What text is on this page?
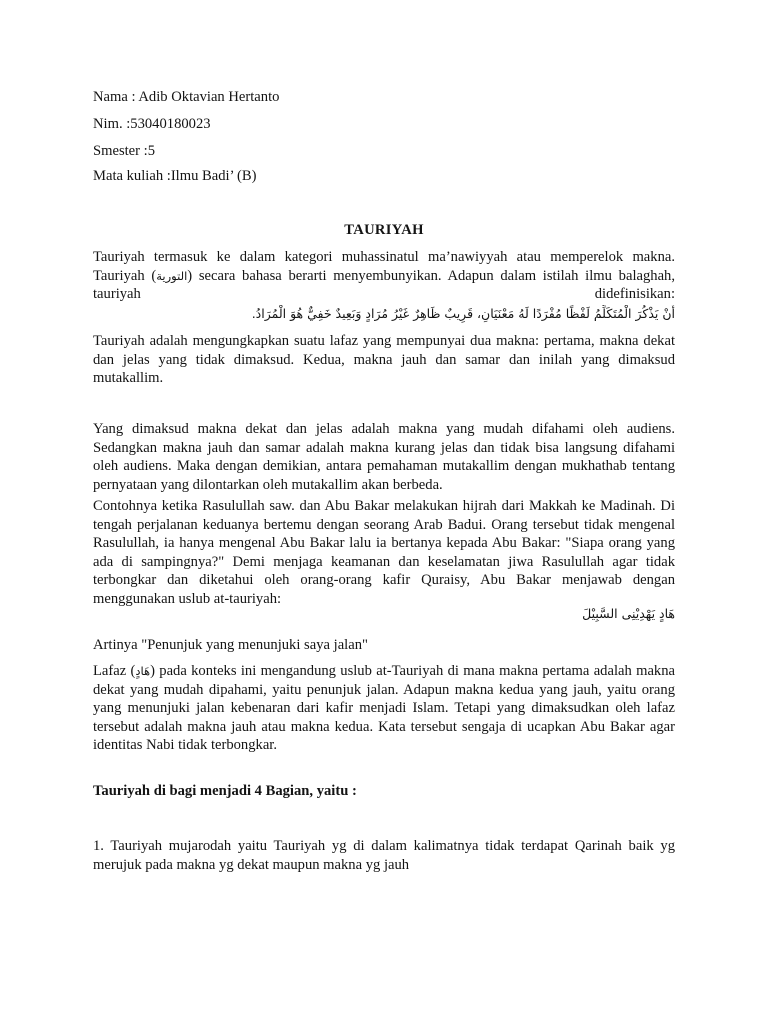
Nama : Adib Oktavian Hertanto
Nim. :53040180023
Smester :5
Mata kuliah :Ilmu Badi’ (B)
TAURIYAH
Tauriyah termasuk ke dalam kategori muhassinatul ma’nawiyyah atau memperelok makna. Tauriyah (التورية) secara bahasa berarti menyembunyikan. Adapun dalam istilah ilmu balaghah, tauriyah didefinisikan:
أَنْ يَذْكُرَ الْمُتَكَلِّمُ لَفْظًا مُفْرَدًا لَهُ مَعْنَيَانِ، قَرِيبٌ ظَاهِرٌ غَيْرُ مُرَادٍ وَبَعِيدٌ خَفِيٌّ هُوَ الْمُرَادُ.
Tauriyah adalah mengungkapkan suatu lafaz yang mempunyai dua makna: pertama, makna dekat dan jelas yang tidak dimaksud. Kedua, makna jauh dan samar dan inilah yang dimaksud mutakallim.
Yang dimaksud makna dekat dan jelas adalah makna yang mudah difahami oleh audiens. Sedangkan makna jauh dan samar adalah makna kurang jelas dan tidak bisa langsung difahami oleh audiens. Maka dengan demikian, antara pemahaman mutakallim dengan mukhathab tentang pernyataan yang dilontarkan oleh mutakallim akan berbeda.
Contohnya ketika Rasulullah saw. dan Abu Bakar melakukan hijrah dari Makkah ke Madinah. Di tengah perjalanan keduanya bertemu dengan seorang Arab Badui. Orang tersebut tidak mengenal Rasulullah, ia hanya mengenal Abu Bakar lalu ia bertanya kepada Abu Bakar: "Siapa orang yang ada di sampingnya?" Demi menjaga keamanan dan keselamatan jiwa Rasulullah agar tidak terbongkar dan diketahui oleh orang-orang kafir Quraisy, Abu Bakar menjawab dengan menggunakan uslub at-tauriyah:
هَادٍ يَهْدِيْنِى السَّبِيْلَ
Artinya "Penunjuk yang menunjuki saya jalan"
Lafaz (هَادٍ) pada konteks ini mengandung uslub at-Tauriyah di mana makna pertama adalah makna dekat yang mudah dipahami, yaitu penunjuk jalan. Adapun makna kedua yang jauh, yaitu orang yang menunjuki jalan kebenaran dari kafir menjadi Islam. Tetapi yang dimaksudkan oleh lafaz tersebut adalah makna jauh atau makna kedua. Kata tersebut sengaja di ucapkan Abu Bakar agar identitas Nabi tidak terbongkar.
Tauriyah di bagi menjadi 4 Bagian, yaitu :
1. Tauriyah mujarodah yaitu Tauriyah yg di dalam kalimatnya tidak terdapat Qarinah baik yg merujuk pada makna yg dekat maupun makna yg jauh
